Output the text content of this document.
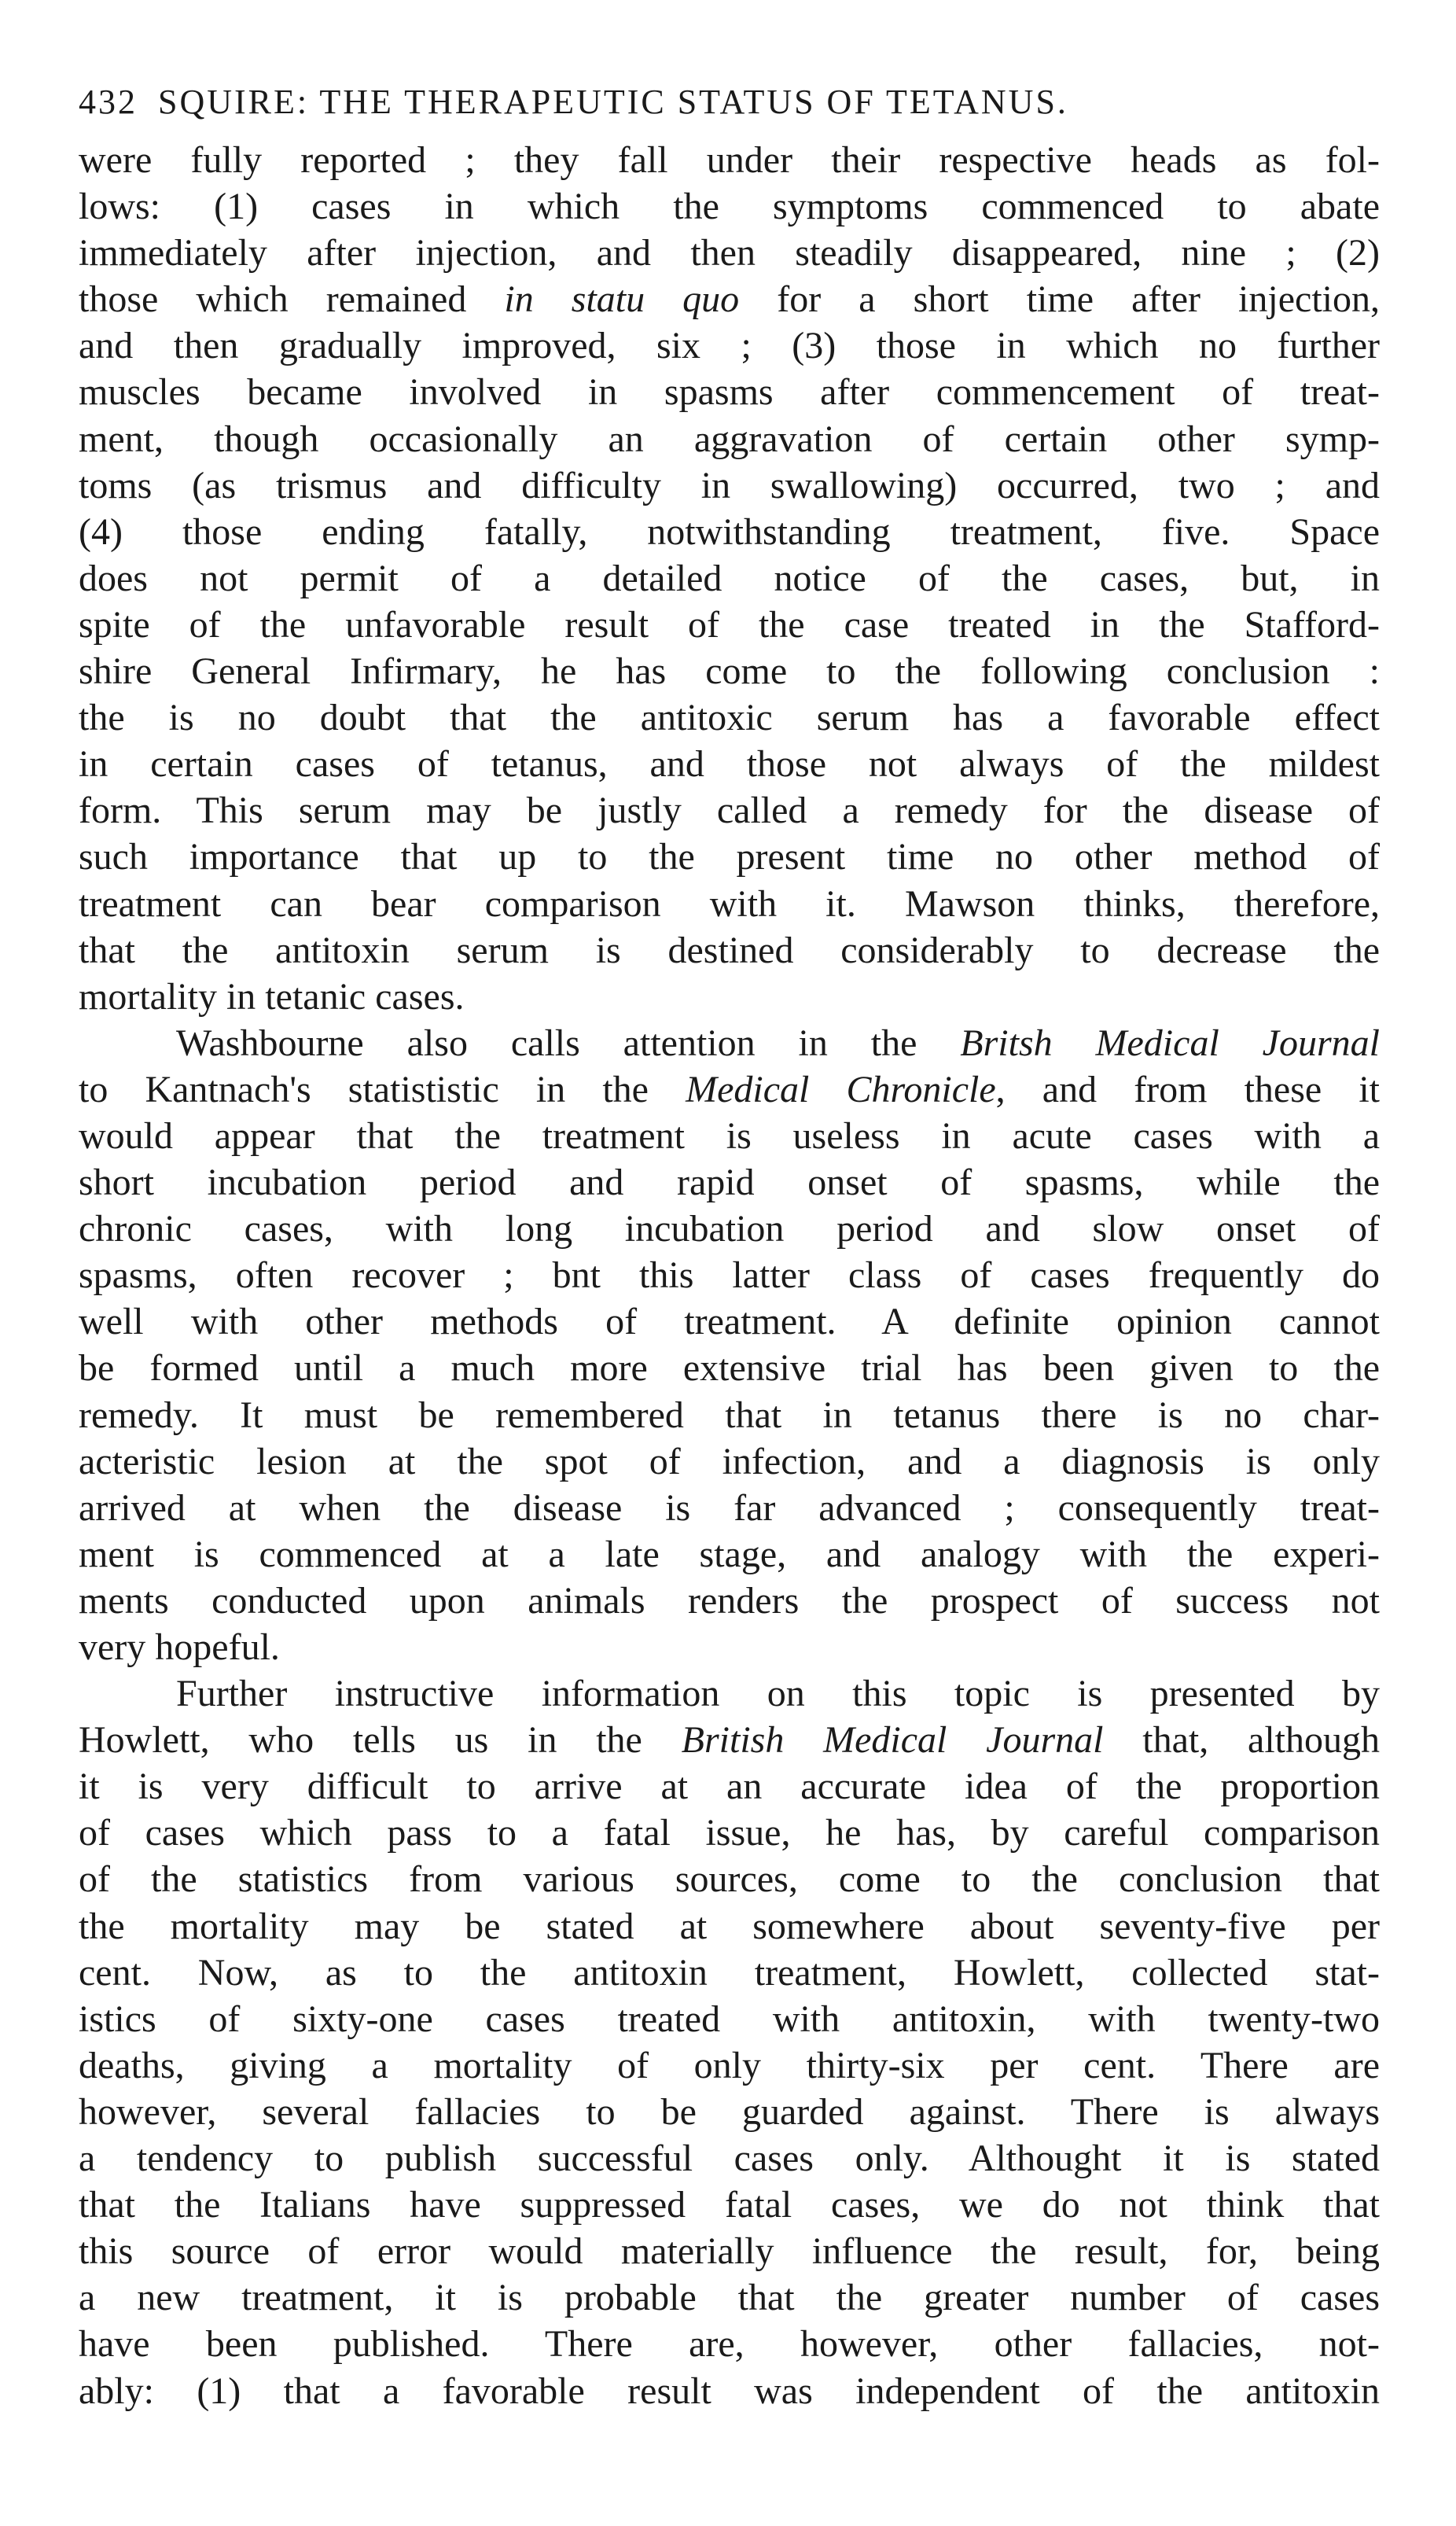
432 SQUIRE: THE THERAPEUTIC STATUS OF TETANUS.
were fully reported ; they fall under their respective heads as fol-
lows: (1) cases in which the symptoms commenced to abate
immediately after injection, and then steadily disappeared, nine ; (2)
those which remained in statu quo for a short time after injection,
and then gradually improved, six ; (3) those in which no further
muscles became involved in spasms after commencement of treat-
ment, though occasionally an aggravation of certain other symp-
toms (as trismus and difficulty in swallowing) occurred, two ; and
(4) those ending fatally, notwithstanding treatment, five. Space
does not permit of a detailed notice of the cases, but, in
spite of the unfavorable result of the case treated in the Stafford-
shire General Infirmary, he has come to the following conclusion :
the is no doubt that the antitoxic serum has a favorable effect
in certain cases of tetanus, and those not always of the mildest
form. This serum may be justly called a remedy for the disease of
such importance that up to the present time no other method of
treatment can bear comparison with it. Mawson thinks, therefore,
that the antitoxin serum is destined considerably to decrease the
mortality in tetanic cases.
Washbourne also calls attention in the Britsh Medical Journal
to Kantnach's statististic in the Medical Chronicle, and from these it
would appear that the treatment is useless in acute cases with a
short incubation period and rapid onset of spasms, while the
chronic cases, with long incubation period and slow onset of
spasms, often recover ; bnt this latter class of cases frequently do
well with other methods of treatment. A definite opinion cannot
be formed until a much more extensive trial has been given to the
remedy. It must be remembered that in tetanus there is no char-
acteristic lesion at the spot of infection, and a diagnosis is only
arrived at when the disease is far advanced ; consequently treat-
ment is commenced at a late stage, and analogy with the experi-
ments conducted upon animals renders the prospect of success not
very hopeful.
Further instructive information on this topic is presented by
Howlett, who tells us in the British Medical Journal that, although
it is very difficult to arrive at an accurate idea of the proportion
of cases which pass to a fatal issue, he has, by careful comparison
of the statistics from various sources, come to the conclusion that
the mortality may be stated at somewhere about seventy-five per
cent. Now, as to the antitoxin treatment, Howlett, collected stat-
istics of sixty-one cases treated with antitoxin, with twenty-two
deaths, giving a mortality of only thirty-six per cent. There are
however, several fallacies to be guarded against. There is always
a tendency to publish successful cases only. Althought it is stated
that the Italians have suppressed fatal cases, we do not think that
this source of error would materially influence the result, for, being
a new treatment, it is probable that the greater number of cases
have been published. There are, however, other fallacies, not-
ably: (1) that a favorable result was independent of the antitoxin
